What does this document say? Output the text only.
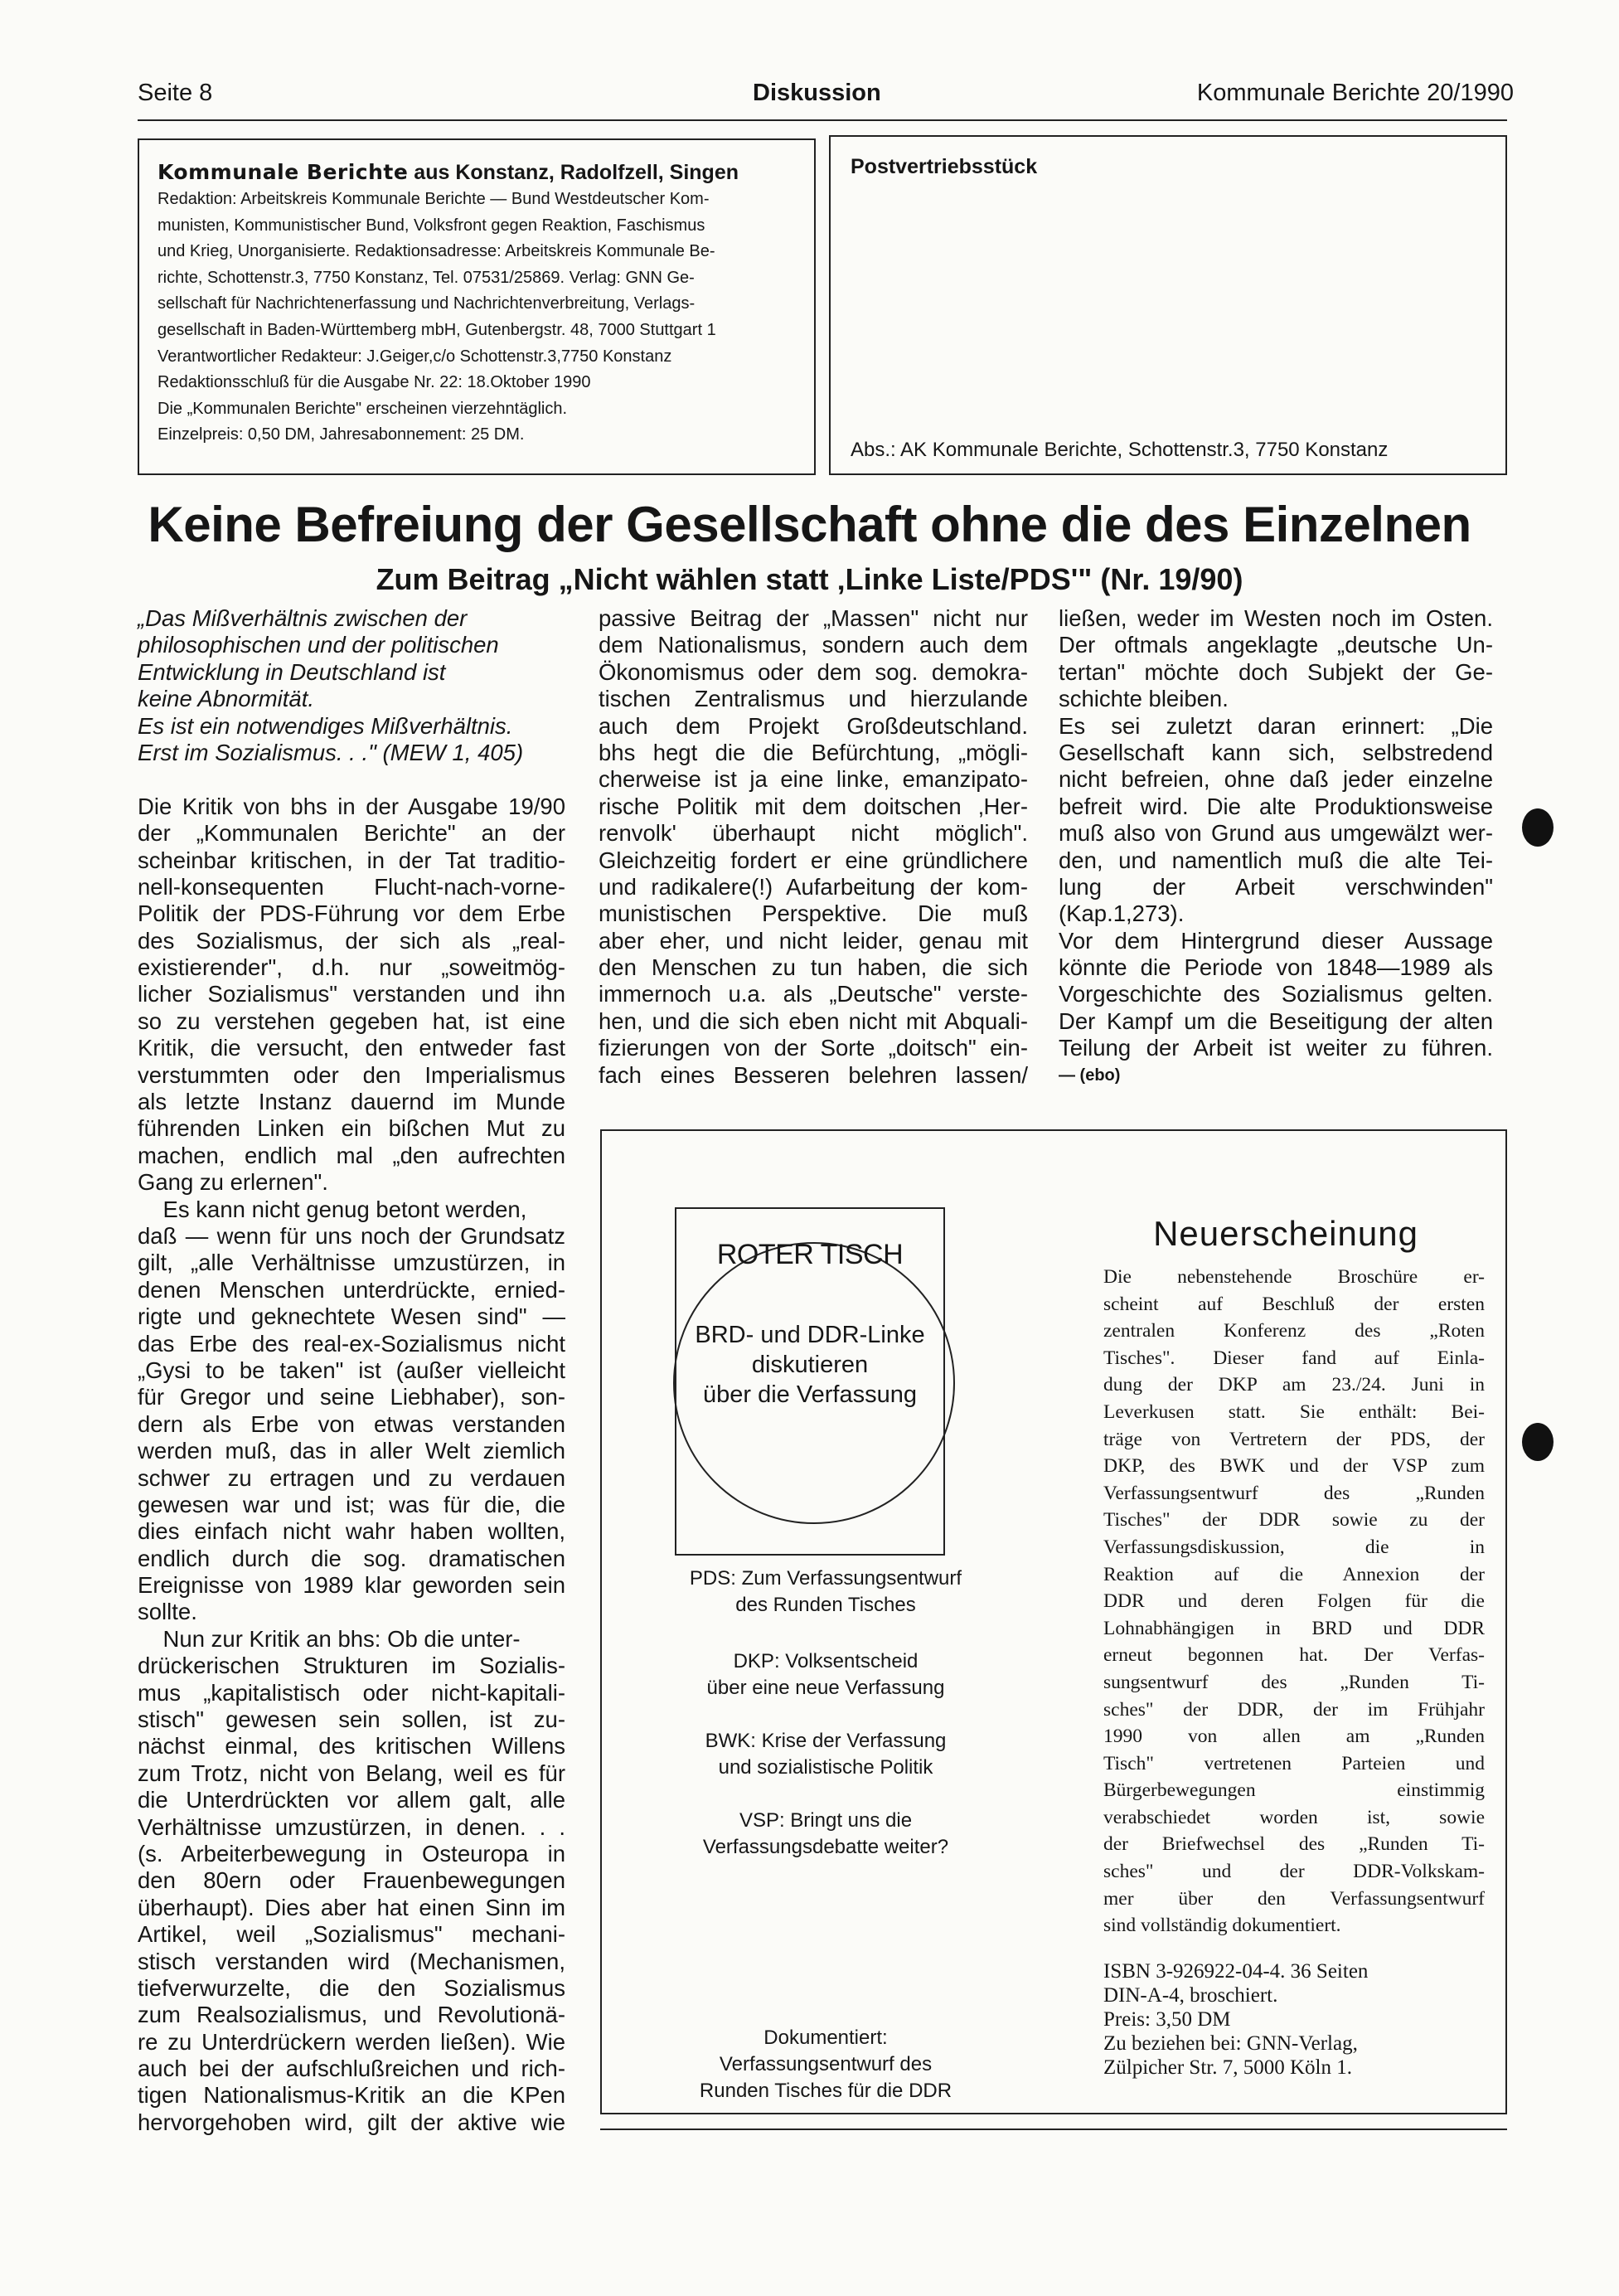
Seite 8	Diskussion	Kommunale Berichte 20/1990
Kommunale Berichte aus Konstanz, Radolfzell, Singen
Redaktion: Arbeitskreis Kommunale Berichte — Bund Westdeutscher Kom-
munisten, Kommunistischer Bund, Volksfront gegen Reaktion, Faschismus
und Krieg, Unorganisierte. Redaktionsadresse: Arbeitskreis Kommunale Be-
richte, Schottenstr.3, 7750 Konstanz, Tel. 07531/25869. Verlag: GNN Ge-
sellschaft für Nachrichtenerfassung und Nachrichtenverbreitung, Verlags-
gesellschaft in Baden-Württemberg mbH, Gutenbergstr. 48, 7000 Stuttgart 1
Verantwortlicher Redakteur: J.Geiger,c/o Schottenstr.3,7750 Konstanz
Redaktionsschluß für die Ausgabe Nr. 22: 18.Oktober 1990
Die „Kommunalen Berichte" erscheinen vierzehntäglich.
Einzelpreis: 0,50 DM, Jahresabonnement: 25 DM.
Postvertriebsstück
Abs.: AK Kommunale Berichte, Schottenstr.3, 7750 Konstanz
Keine Befreiung der Gesellschaft ohne die des Einzelnen
Zum Beitrag „Nicht wählen statt ‚Linke Liste/PDS'" (Nr. 19/90)
„Das Mißverhältnis zwischen der
philosophischen und der politischen
Entwicklung in Deutschland ist
keine Abnormität.
Es ist ein notwendiges Mißverhältnis.
Erst im Sozialismus. . ." (MEW 1, 405)
Die Kritik von bhs in der Ausgabe 19/90
der „Kommunalen Berichte" an der
scheinbar kritischen, in der Tat traditio-
nell-konsequenten Flucht-nach-vorne-
Politik der PDS-Führung vor dem Erbe
des Sozialismus, der sich als „real-
existierender", d.h. nur „soweitmög-
licher Sozialismus" verstanden und ihn
so zu verstehen gegeben hat, ist eine
Kritik, die versucht, den entweder fast
verstummten oder den Imperialismus
als letzte Instanz dauernd im Munde
führenden Linken ein bißchen Mut zu
machen, endlich mal „den aufrechten
Gang zu erlernen".
Es kann nicht genug betont werden,
daß — wenn für uns noch der Grundsatz
gilt, „alle Verhältnisse umzustürzen, in
denen Menschen unterdrückte, ernied-
rigte und geknechtete Wesen sind" —
das Erbe des real-ex-Sozialismus nicht
„Gysi to be taken" ist (außer vielleicht
für Gregor und seine Liebhaber), son-
dern als Erbe von etwas verstanden
werden muß, das in aller Welt ziemlich
schwer zu ertragen und zu verdauen
gewesen war und ist; was für die, die
dies einfach nicht wahr haben wollten,
endlich durch die sog. dramatischen
Ereignisse von 1989 klar geworden sein
sollte.
Nun zur Kritik an bhs: Ob die unter-
drückerischen Strukturen im Sozialis-
mus „kapitalistisch oder nicht-kapitali-
stisch" gewesen sein sollen, ist zu-
nächst einmal, des kritischen Willens
zum Trotz, nicht von Belang, weil es für
die Unterdrückten vor allem galt, alle
Verhältnisse umzustürzen, in denen. . .
(s. Arbeiterbewegung in Osteuropa in
den 80ern oder Frauenbewegungen
überhaupt). Dies aber hat einen Sinn im
Artikel, weil „Sozialismus" mechani-
stisch verstanden wird (Mechanismen,
tiefverwurzelte, die den Sozialismus
zum Realsozialismus, und Revolutionä-
re zu Unterdrückern werden ließen). Wie
auch bei der aufschlußreichen und rich-
tigen Nationalismus-Kritik an die KPen
hervorgehoben wird, gilt der aktive wie
passive Beitrag der „Massen" nicht nur
dem Nationalismus, sondern auch dem
Ökonomismus oder dem sog. demokra-
tischen Zentralismus und hierzulande
auch dem Projekt Großdeutschland.
bhs hegt die die Befürchtung, „mögli-
cherweise ist ja eine linke, emanzipato-
rische Politik mit dem doitschen ‚Her-
renvolk' überhaupt nicht möglich".
Gleichzeitig fordert er eine gründlichere
und radikalere(!) Aufarbeitung der kom-
munistischen Perspektive. Die muß
aber eher, und nicht leider, genau mit
den Menschen zu tun haben, die sich
immernoch u.a. als „Deutsche" verste-
hen, und die sich eben nicht mit Abquali-
fizierungen von der Sorte „doitsch" ein-
fach eines Besseren belehren lassen/
ließen, weder im Westen noch im Osten.
Der oftmals angeklagte „deutsche Un-
tertan" möchte doch Subjekt der Ge-
schichte bleiben.
Es sei zuletzt daran erinnert: „Die
Gesellschaft kann sich, selbstredend
nicht befreien, ohne daß jeder einzelne
befreit wird. Die alte Produktionsweise
muß also von Grund aus umgewälzt wer-
den, und namentlich muß die alte Tei-
lung der Arbeit verschwinden"
(Kap.1,273).
Vor dem Hintergrund dieser Aussage
könnte die Periode von 1848—1989 als
Vorgeschichte des Sozialismus gelten.
Der Kampf um die Beseitigung der alten
Teilung der Arbeit ist weiter zu führen.
— (ebo)
ROTER TISCH
BRD- und DDR-Linke
diskutieren
über die Verfassung
PDS: Zum Verfassungsentwurf
des Runden Tisches
DKP: Volksentscheid
über eine neue Verfassung
BWK: Krise der Verfassung
und sozialistische Politik
VSP: Bringt uns die
Verfassungsdebatte weiter?
Dokumentiert:
Verfassungsentwurf des
Runden Tisches für die DDR
Neuerscheinung
Die nebenstehende Broschüre er-
scheint auf Beschluß der ersten
zentralen Konferenz des „Roten
Tisches". Dieser fand auf Einla-
dung der DKP am 23./24. Juni in
Leverkusen statt. Sie enthält: Bei-
träge von Vertretern der PDS, der
DKP, des BWK und der VSP zum
Verfassungsentwurf des „Runden
Tisches" der DDR sowie zu der
Verfassungsdiskussion, die in
Reaktion auf die Annexion der
DDR und deren Folgen für die
Lohnabhängigen in BRD und DDR
erneut begonnen hat. Der Verfas-
sungsentwurf des „Runden Ti-
sches" der DDR, der im Frühjahr
1990 von allen am „Runden
Tisch" vertretenen Parteien und
Bürgerbewegungen einstimmig
verabschiedet worden ist, sowie
der Briefwechsel des „Runden Ti-
sches" und der DDR-Volkskam-
mer über den Verfassungsentwurf
sind vollständig dokumentiert.
ISBN 3-926922-04-4. 36 Seiten
DIN-A-4, broschiert.
Preis: 3,50 DM
Zu beziehen bei: GNN-Verlag,
Zülpicher Str. 7, 5000 Köln 1.
